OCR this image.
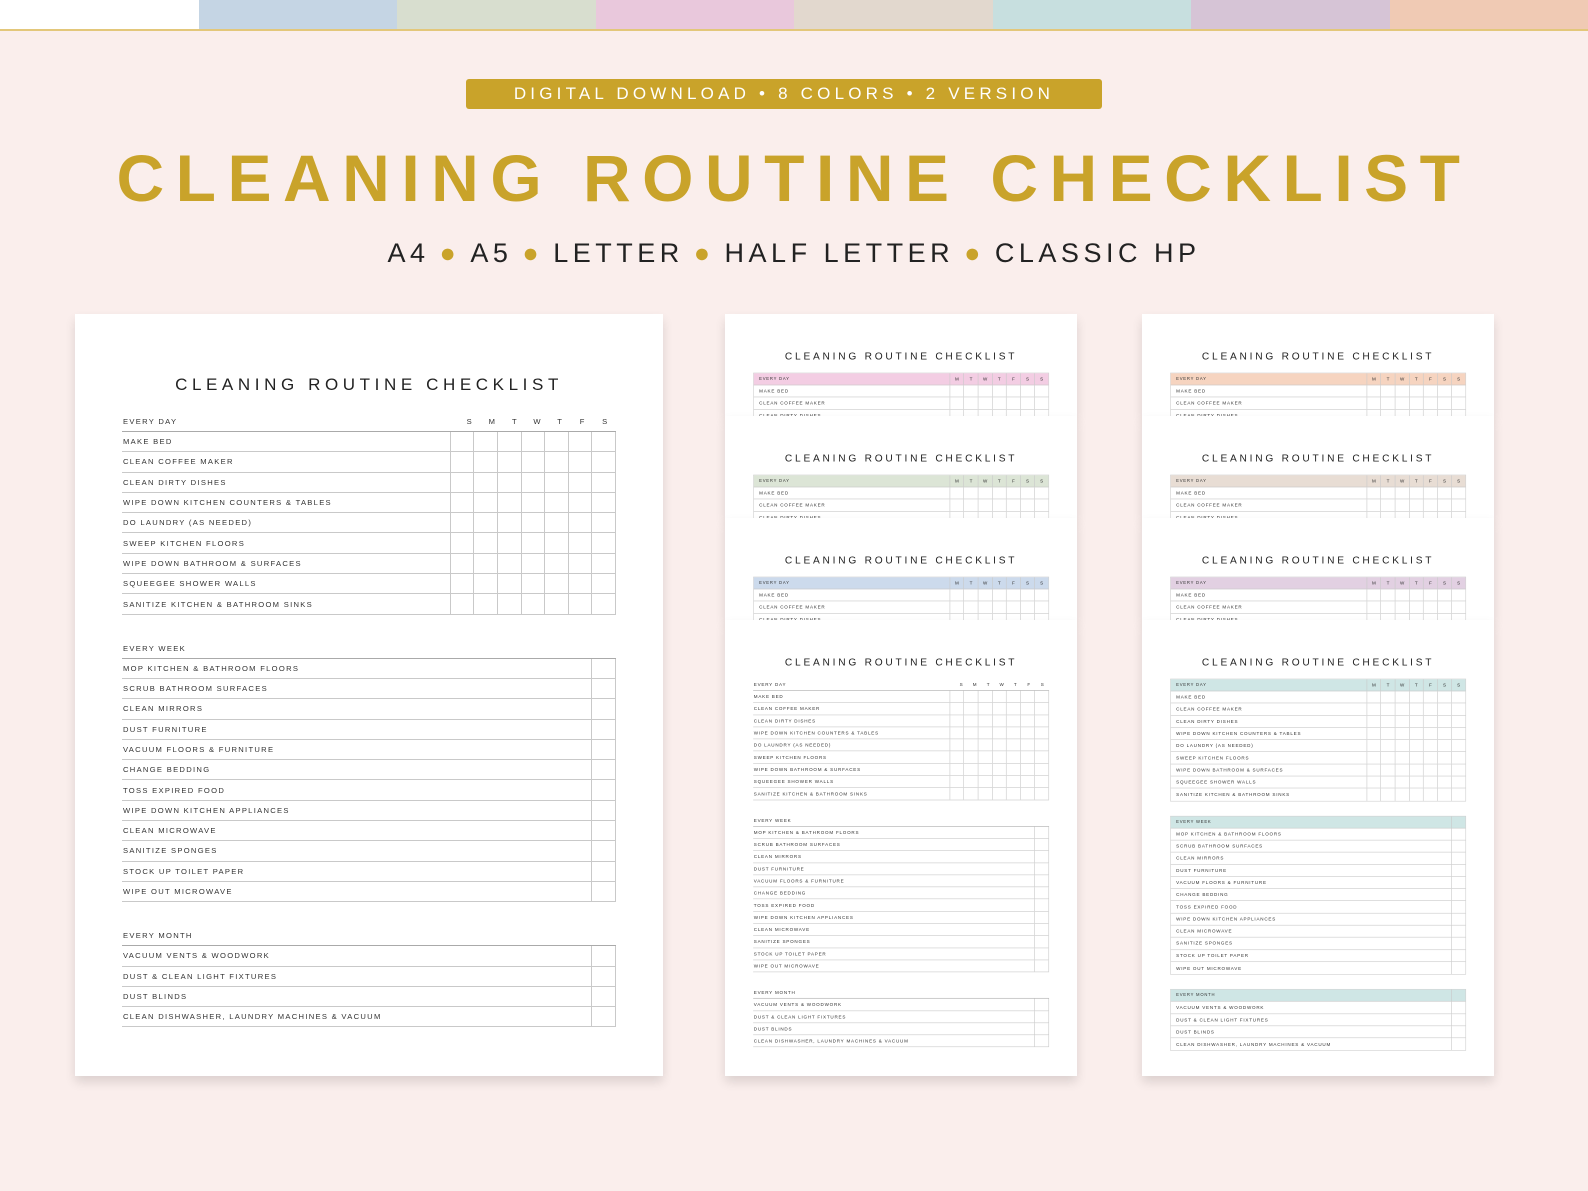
DIGITAL DOWNLOAD • 8 COLORS • 2 VERSION
CLEANING ROUTINE CHECKLIST
A4 ● A5 ● LETTER ● HALF LETTER ● CLASSIC HP
CLEANING ROUTINE CHECKLIST
EVERY DAY	S	M	T	W	T	F	S
MAKE BED
CLEAN COFFEE MAKER
CLEAN DIRTY DISHES
WIPE DOWN KITCHEN COUNTERS & TABLES
DO LAUNDRY (AS NEEDED)
SWEEP KITCHEN FLOORS
WIPE DOWN BATHROOM & SURFACES
SQUEEGEE SHOWER WALLS
SANITIZE KITCHEN & BATHROOM SINKS
EVERY WEEK
MOP KITCHEN & BATHROOM FLOORS
SCRUB BATHROOM SURFACES
CLEAN MIRRORS
DUST FURNITURE
VACUUM FLOORS & FURNITURE
CHANGE BEDDING
TOSS EXPIRED FOOD
WIPE DOWN KITCHEN APPLIANCES
CLEAN MICROWAVE
SANITIZE SPONGES
STOCK UP TOILET PAPER
WIPE OUT MICROWAVE
EVERY MONTH
VACUUM VENTS & WOODWORK
DUST & CLEAN LIGHT FIXTURES
DUST BLINDS
CLEAN DISHWASHER, LAUNDRY MACHINES & VACUUM
CLEANING ROUTINE CHECKLIST
EVERY DAY	M	T	W	T	F	S	S
MAKE BED
CLEAN COFFEE MAKER
CLEAN DIRTY DISHES
CLEANING ROUTINE CHECKLIST
EVERY DAY	M	T	W	T	F	S	S
MAKE BED
CLEAN COFFEE MAKER
CLEAN DIRTY DISHES
CLEANING ROUTINE CHECKLIST
EVERY DAY	M	T	W	T	F	S	S
MAKE BED
CLEAN COFFEE MAKER
CLEAN DIRTY DISHES
CLEANING ROUTINE CHECKLIST
EVERY DAY	S	M	T	W	T	F	S
MAKE BED
CLEAN COFFEE MAKER
CLEAN DIRTY DISHES
WIPE DOWN KITCHEN COUNTERS & TABLES
DO LAUNDRY (AS NEEDED)
SWEEP KITCHEN FLOORS
WIPE DOWN BATHROOM & SURFACES
SQUEEGEE SHOWER WALLS
SANITIZE KITCHEN & BATHROOM SINKS
EVERY WEEK
MOP KITCHEN & BATHROOM FLOORS
SCRUB BATHROOM SURFACES
CLEAN MIRRORS
DUST FURNITURE
VACUUM FLOORS & FURNITURE
CHANGE BEDDING
TOSS EXPIRED FOOD
WIPE DOWN KITCHEN APPLIANCES
CLEAN MICROWAVE
SANITIZE SPONGES
STOCK UP TOILET PAPER
WIPE OUT MICROWAVE
EVERY MONTH
VACUUM VENTS & WOODWORK
DUST & CLEAN LIGHT FIXTURES
DUST BLINDS
CLEAN DISHWASHER, LAUNDRY MACHINES & VACUUM
CLEANING ROUTINE CHECKLIST
EVERY DAY	M	T	W	T	F	S	S
MAKE BED
CLEAN COFFEE MAKER
CLEAN DIRTY DISHES
CLEANING ROUTINE CHECKLIST
EVERY DAY	M	T	W	T	F	S	S
MAKE BED
CLEAN COFFEE MAKER
CLEAN DIRTY DISHES
CLEANING ROUTINE CHECKLIST
EVERY DAY	M	T	W	T	F	S	S
MAKE BED
CLEAN COFFEE MAKER
CLEAN DIRTY DISHES
CLEANING ROUTINE CHECKLIST
EVERY DAY	M	T	W	T	F	S	S
MAKE BED
CLEAN COFFEE MAKER
CLEAN DIRTY DISHES
WIPE DOWN KITCHEN COUNTERS & TABLES
DO LAUNDRY (AS NEEDED)
SWEEP KITCHEN FLOORS
WIPE DOWN BATHROOM & SURFACES
SQUEEGEE SHOWER WALLS
SANITIZE KITCHEN & BATHROOM SINKS
EVERY WEEK
MOP KITCHEN & BATHROOM FLOORS
SCRUB BATHROOM SURFACES
CLEAN MIRRORS
DUST FURNITURE
VACUUM FLOORS & FURNITURE
CHANGE BEDDING
TOSS EXPIRED FOOD
WIPE DOWN KITCHEN APPLIANCES
CLEAN MICROWAVE
SANITIZE SPONGES
STOCK UP TOILET PAPER
WIPE OUT MICROWAVE
EVERY MONTH
VACUUM VENTS & WOODWORK
DUST & CLEAN LIGHT FIXTURES
DUST BLINDS
CLEAN DISHWASHER, LAUNDRY MACHINES & VACUUM
